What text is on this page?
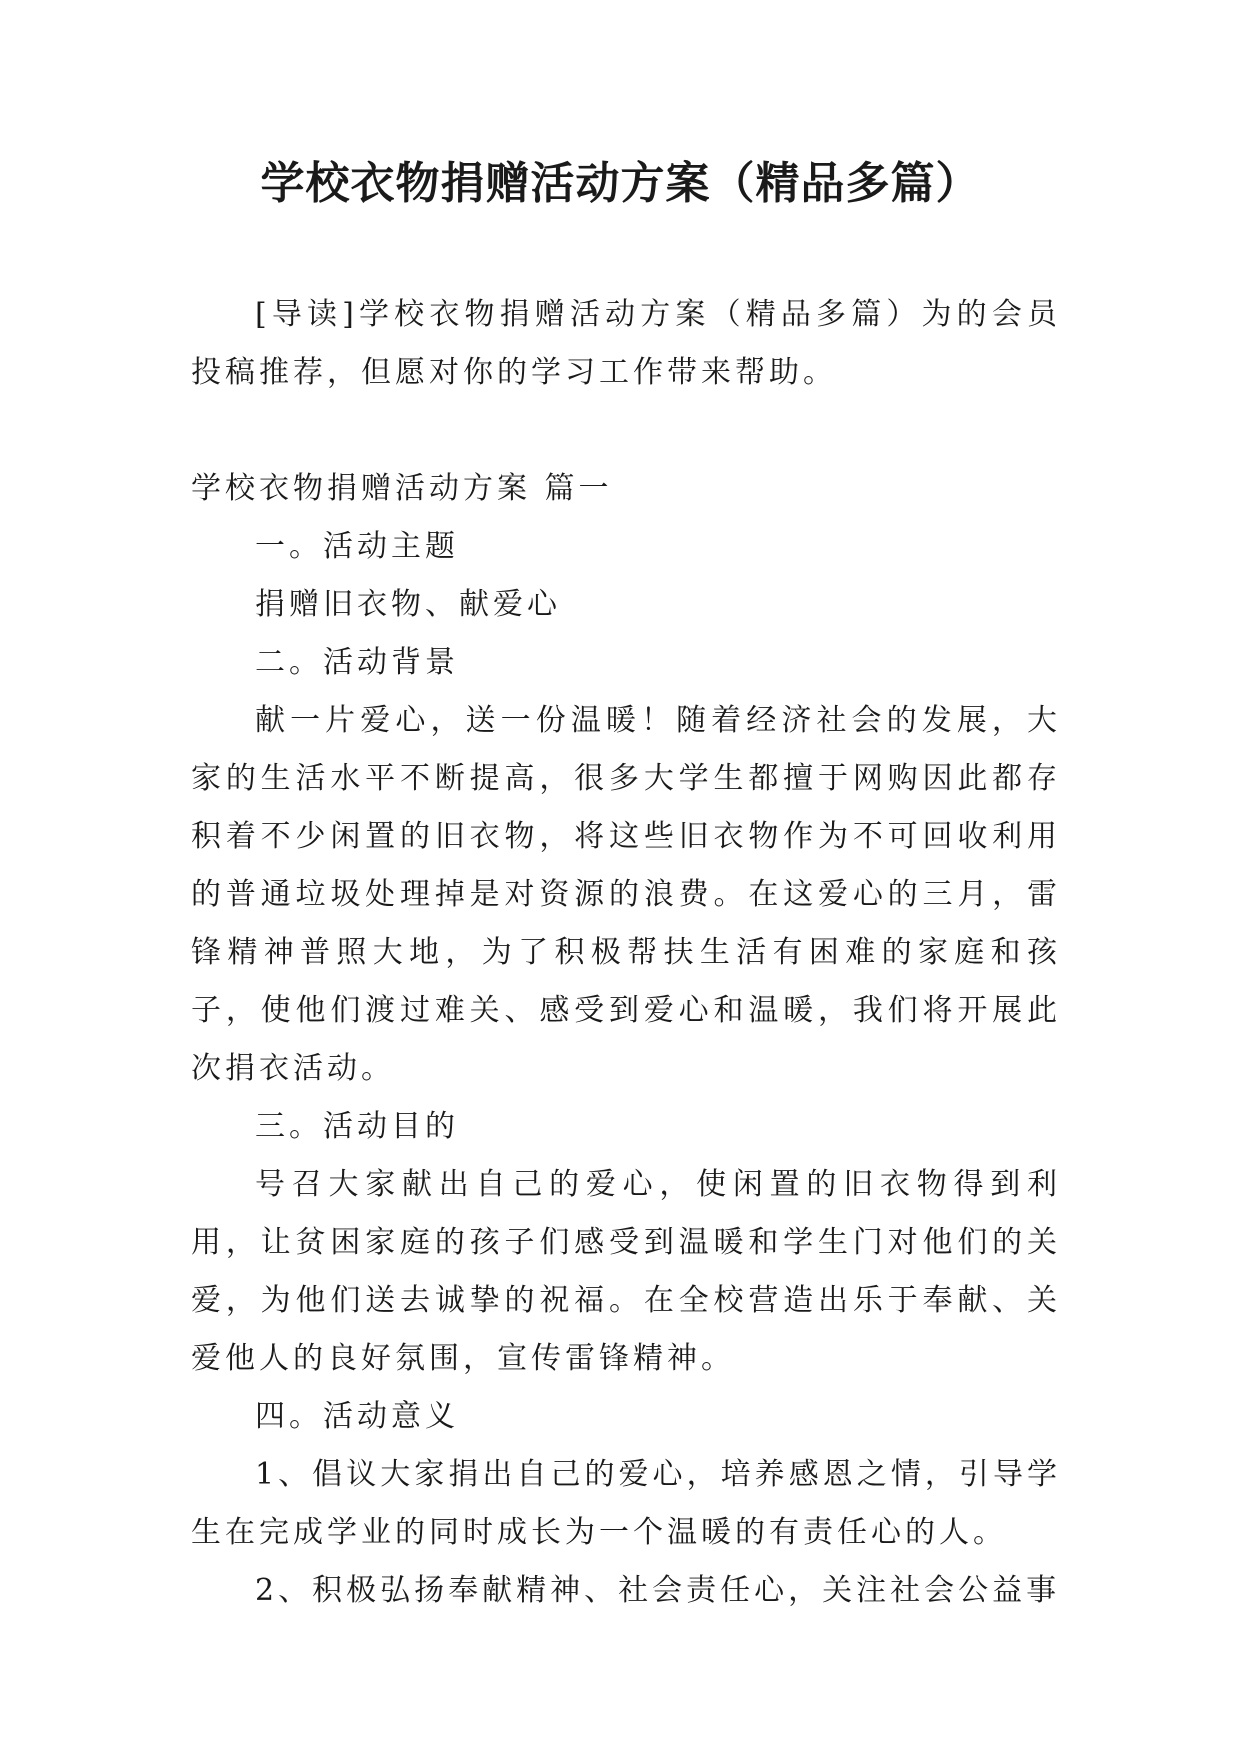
学校衣物捐赠活动方案（精品多篇）

[导读]学校衣物捐赠活动方案（精品多篇）为的会员投稿推荐，但愿对你的学习工作带来帮助。

学校衣物捐赠活动方案 篇一

一。活动主题

捐赠旧衣物、献爱心

二。活动背景

献一片爱心，送一份温暖！随着经济社会的发展，大家的生活水平不断提高，很多大学生都擅于网购因此都存积着不少闲置的旧衣物，将这些旧衣物作为不可回收利用的普通垃圾处理掉是对资源的浪费。在这爱心的三月，雷锋精神普照大地，为了积极帮扶生活有困难的家庭和孩子，使他们渡过难关、感受到爱心和温暖，我们将开展此次捐衣活动。

三。活动目的

号召大家献出自己的爱心，使闲置的旧衣物得到利用，让贫困家庭的孩子们感受到温暖和学生门对他们的关爱，为他们送去诚挚的祝福。在全校营造出乐于奉献、关爱他人的良好氛围，宣传雷锋精神。

四。活动意义

1、倡议大家捐出自己的爱心，培养感恩之情，引导学生在完成学业的同时成长为一个温暖的有责任心的人。

2、积极弘扬奉献精神、社会责任心，关注社会公益事
